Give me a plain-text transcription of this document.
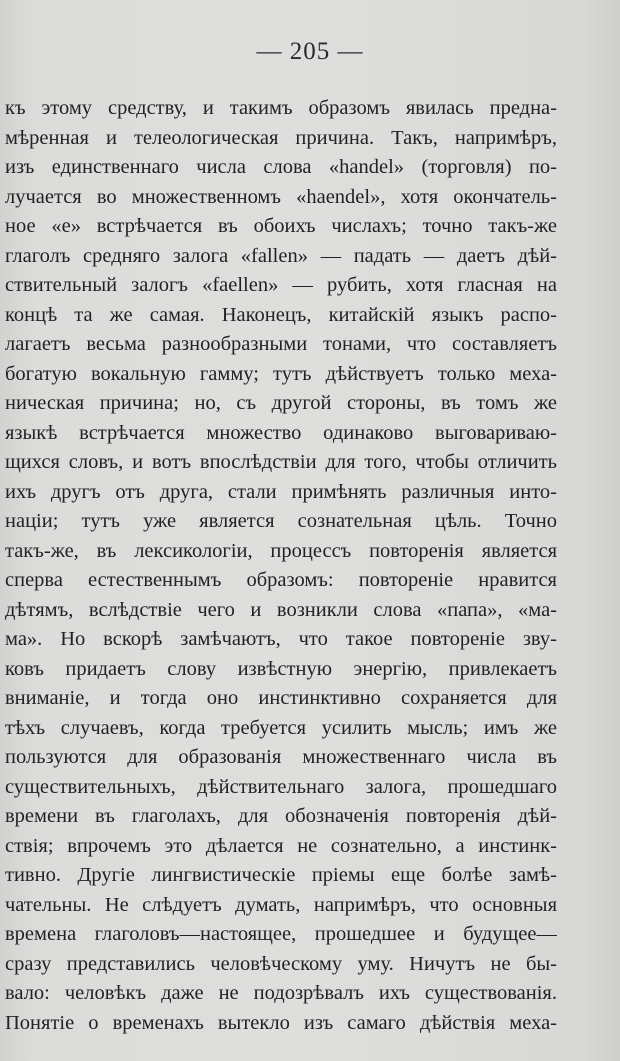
— 205 —
къ этому средству, и такимъ образомъ явилась предна-
мѣренная и телеологическая причина. Такъ, напримѣръ,
изъ единственнаго числа слова «handel» (торговля) по-
лучается во множественномъ «haendel», хотя окончатель-
ное «e» встрѣчается въ обоихъ числахъ; точно такъ-же
глаголъ средняго залога «fallen» — падать — даетъ дѣй-
ствительный залогъ «faellen» — рубить, хотя гласная на
концѣ та же самая. Наконецъ, китайскій языкъ распо-
лагаетъ весьма разнообразными тонами, что составляетъ
богатую вокальную гамму; тутъ дѣйствуетъ только меха-
ническая причина; но, съ другой стороны, въ томъ же
языкѣ встрѣчается множество одинаково выговариваю-
щихся словъ, и вотъ впослѣдствіи для того, чтобы отличить
ихъ другъ отъ друга, стали примѣнять различныя инто-
націи; тутъ уже является сознательная цѣль. Точно
такъ-же, въ лексикологіи, процессъ повторенія является
сперва естественнымъ образомъ: повтореніе нравится
дѣтямъ, вслѣдствіе чего и возникли слова «папа», «ма-
ма». Но вскорѣ замѣчаютъ, что такое повтореніе зву-
ковъ придаетъ слову извѣстную энергію, привлекаетъ
вниманіе, и тогда оно инстинктивно сохраняется для
тѣхъ случаевъ, когда требуется усилить мысль; имъ же
пользуются для образованія множественнаго числа въ
существительныхъ, дѣйствительнаго залога, прошедшаго
времени въ глаголахъ, для обозначенія повторенія дѣй-
ствія; впрочемъ это дѣлается не сознательно, а инстинк-
тивно. Другіе лингвистическіе пріемы еще болѣе замѣ-
чательны. Не слѣдуетъ думать, напримѣръ, что основныя
времена глаголовъ—настоящее, прошедшее и будущее—
сразу представились человѣческому уму. Ничутъ не бы-
вало: человѣкъ даже не подозрѣвалъ ихъ существованія.
Понятіе о временахъ вытекло изъ самаго дѣйствія меха-
